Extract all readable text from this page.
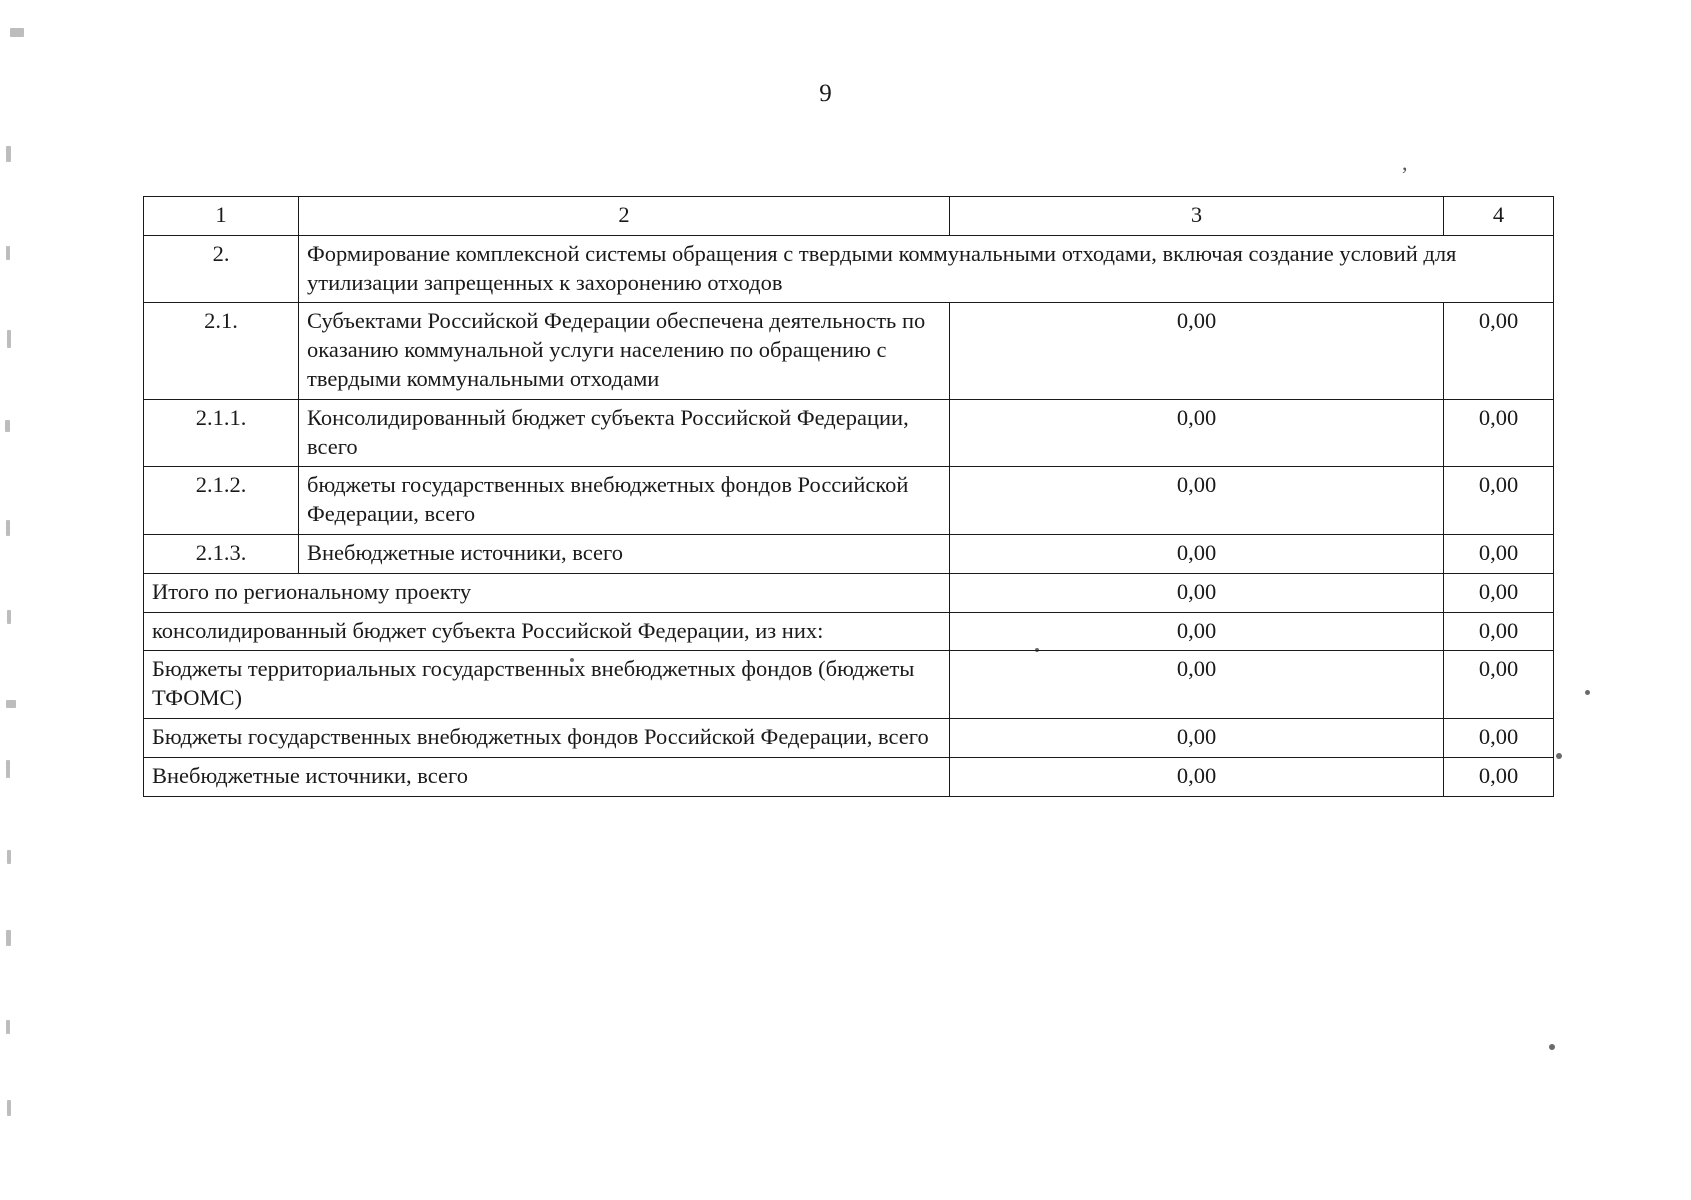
9
,
1	2	3	4
2.	Формирование комплексной системы обращения с твердыми коммунальными отходами, включая создание условий для утилизации запрещенных к захоронению отходов		
2.1.	Субъектами Российской Федерации обеспечена деятельность по оказанию коммунальной услуги населению по обращению с твердыми коммунальными отходами	0,00	0,00
2.1.1.	Консолидированный бюджет субъекта Российской Федерации, всего	0,00	0,00
2.1.2.	бюджеты государственных внебюджетных фондов Российской Федерации, всего	0,00	0,00
2.1.3.	Внебюджетные источники, всего	0,00	0,00
Итого по региональному проекту		0,00	0,00
консолидированный бюджет субъекта Российской Федерации, из них:		0,00	0,00
Бюджеты территориальных государственных внебюджетных фондов (бюджеты ТФОМС)		0,00	0,00
Бюджеты государственных внебюджетных фондов Российской Федерации, всего		0,00	0,00
Внебюджетные источники, всего		0,00	0,00
